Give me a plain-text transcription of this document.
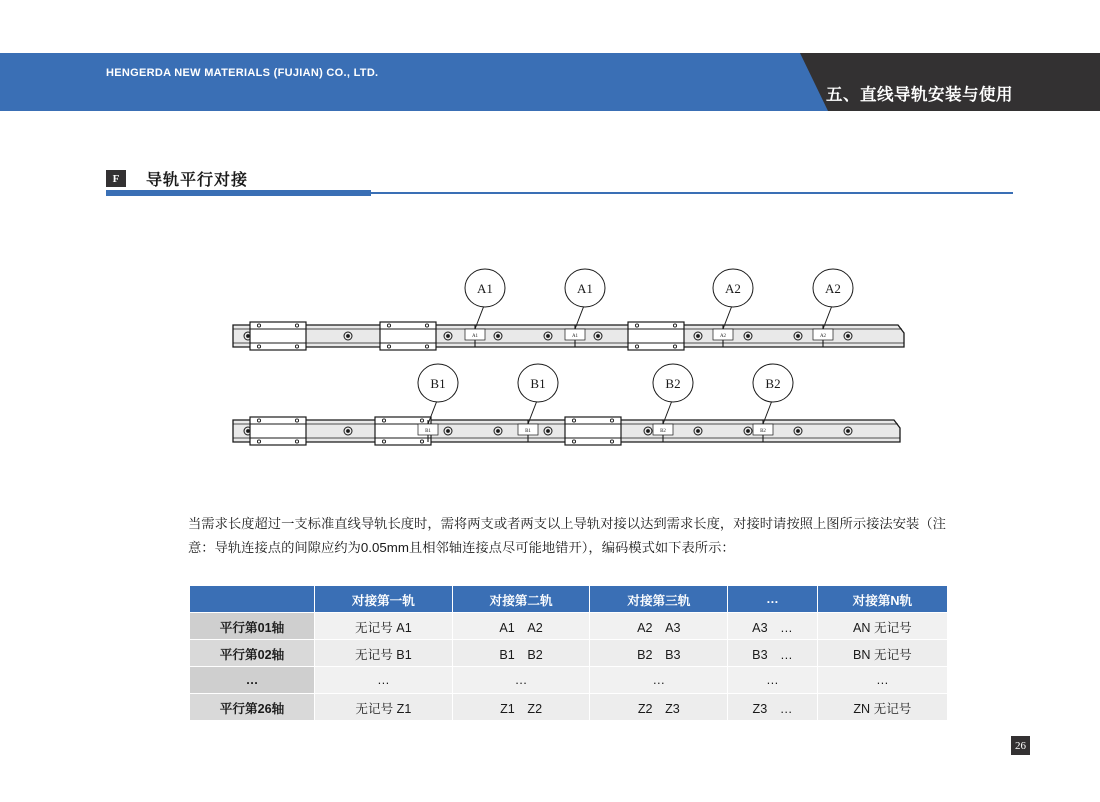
HENGERDA NEW MATERIALS (FUJIAN) CO., LTD.
五、直线导轨安装与使用
F	导轨平行对接
A1	A1	A2	A2
A1	A1	A2	A2
B1	B1	B2	B2
B1	B1	B2	B2
当需求长度超过一支标准直线导轨长度时，需将两支或者两支以上导轨对接以达到需求长度，对接时请按照上图所示接法安装（注意：导轨连接点的间隙应约为0.05mm且相邻轴连接点尽可能地错开），编码模式如下表所示：
	对接第一轨	对接第二轨	对接第三轨	…	对接第N轨
平行第01轴	无记号 A1	A1　A2	A2　A3	A3　…	AN 无记号
平行第02轴	无记号 B1	B1　B2	B2　B3	B3　…	BN 无记号
…	…	…	…	…	…
平行第26轴	无记号 Z1	Z1　Z2	Z2　Z3	Z3　…	ZN 无记号
26
